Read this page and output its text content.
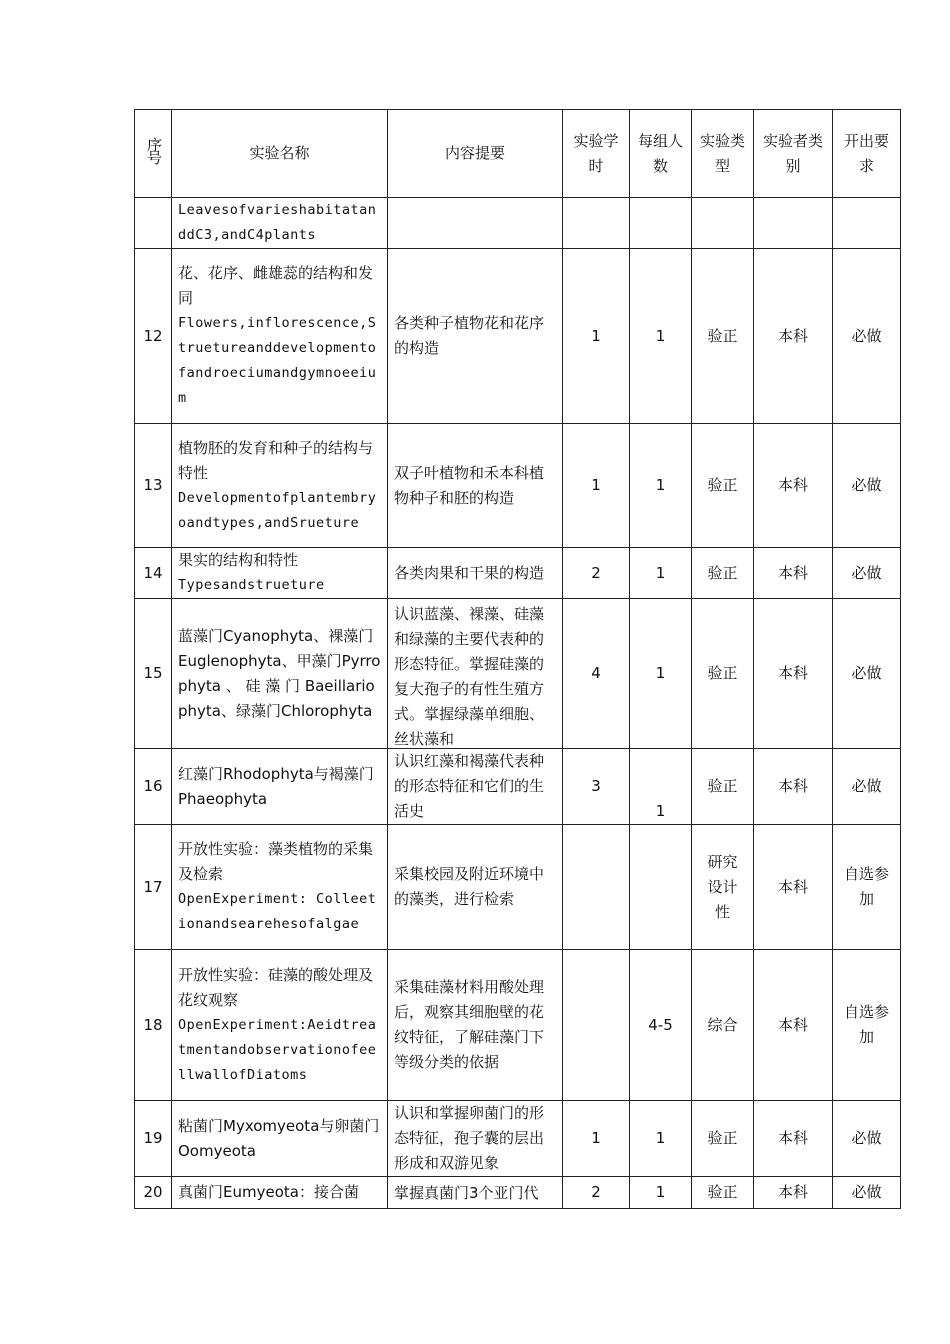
序号	实验名称	内容提要	实验学时	每组人数	实验类型	实验者类别	开出要求

	LeavesofvarieshabitatanddC3,andC4plants						

12	花、花序、雌雄蕊的结构和发同
Flowers,inflorescence,Struetureanddevelopmentofandroeciumandgymnoeeium	各类种子植物花和花序的构造	1	1	验正	本科	必做
13	植物胚的发育和种子的结构与特性
Developmentofplantembryoandtypes,andSrueture	双子叶植物和禾本科植物种子和胚的构造	1	1	验正	本科	必做
14	果实的结构和特性
Typesandstrueture	各类肉果和干果的构造	2	1	验正	本科	必做
15	蓝藻门Cyanophyta、裸藻门Euglenophyta、甲藻门Pyrrophyta 、 硅 藻 门 Baeillariophyta、绿藻门Chlorophyta	认识蓝藻、裸藻、硅藻和绿藻的主要代表种的形态特征。掌握硅藻的复大孢子的有性生殖方式。掌握绿藻单细胞、丝状藻和	4	1	验正	本科	必做
16	红藻门Rhodophyta与褐藻门Phaeophyta	认识红藻和褐藻代表种的形态特征和它们的生活史	3	1	验正	本科	必做
17	开放性实验：藻类植物的采集及检索
OpenExperiment: Colleetionandsearehesofalgae	采集校园及附近环境中的藻类，进行检索			研究设计性	本科	自选参加
18	开放性实验：硅藻的酸处理及花纹观察
OpenExperiment:AeidtreatmentandobservationofeellwallofDiatoms	采集硅藻材料用酸处理后，观察其细胞壁的花纹特征，了解硅藻门下等级分类的依据		4-5	综合	本科	自选参加
19	粘菌门Myxomyeota与卵菌门Oomyeota	认识和掌握卵菌门的形态特征，孢子囊的层出形成和双游见象	1	1	验正	本科	必做
20	真菌门Eumyeota：接合菌	掌握真菌门3个亚门代	2	1	验正	本科	必做
